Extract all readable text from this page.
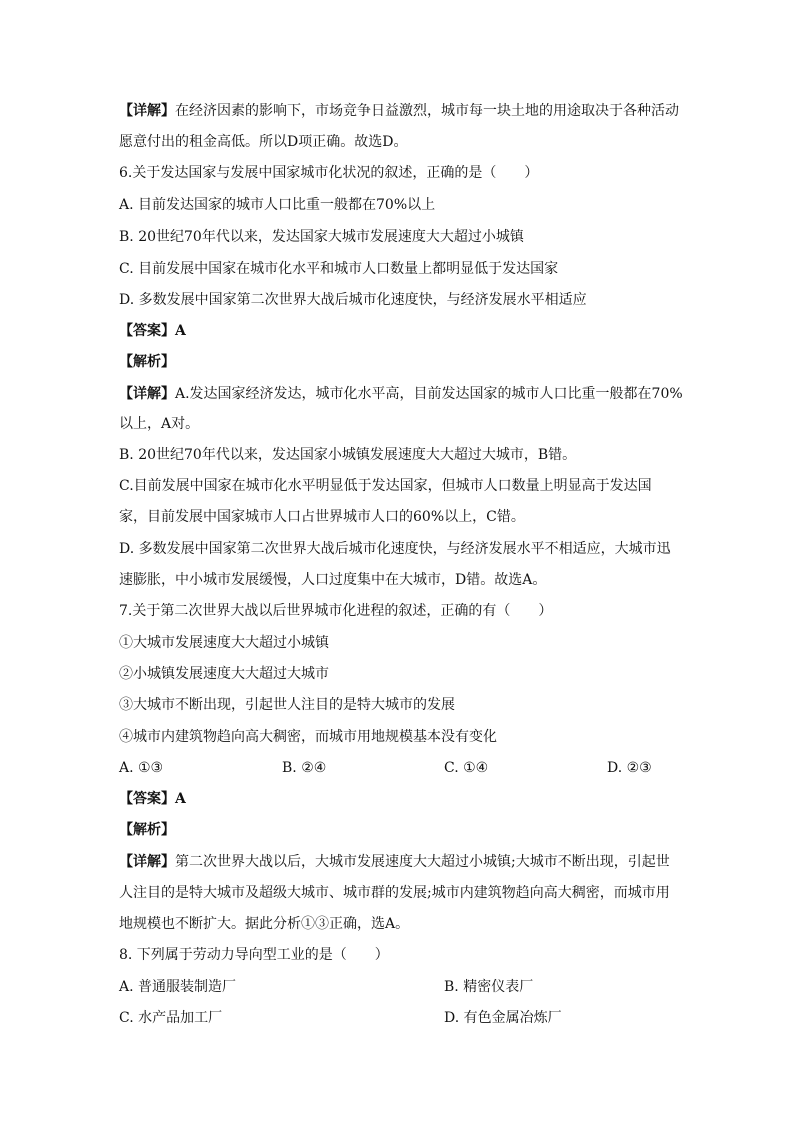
【详解】在经济因素的影响下，市场竞争日益激烈，城市每一块土地的用途取决于各种活动
愿意付出的租金高低。所以D项正确。故选D。
6.关于发达国家与发展中国家城市化状况的叙述，正确的是（　　）
A. 目前发达国家的城市人口比重一般都在70%以上
B. 20世纪70年代以来，发达国家大城市发展速度大大超过小城镇
C. 目前发展中国家在城市化水平和城市人口数量上都明显低于发达国家
D. 多数发展中国家第二次世界大战后城市化速度快，与经济发展水平相适应
【答案】A
【解析】
【详解】A.发达国家经济发达，城市化水平高，目前发达国家的城市人口比重一般都在70%
以上，A对。
B. 20世纪70年代以来，发达国家小城镇发展速度大大超过大城市，B错。
C.目前发展中国家在城市化水平明显低于发达国家，但城市人口数量上明显高于发达国
家，目前发展中国家城市人口占世界城市人口的60%以上，C错。
D. 多数发展中国家第二次世界大战后城市化速度快，与经济发展水平不相适应，大城市迅
速膨胀，中小城市发展缓慢，人口过度集中在大城市，D错。故选A。
7.关于第二次世界大战以后世界城市化进程的叙述，正确的有（　　）
①大城市发展速度大大超过小城镇
②小城镇发展速度大大超过大城市
③大城市不断出现，引起世人注目的是特大城市的发展
④城市内建筑物趋向高大稠密，而城市用地规模基本没有变化
A. ①③	B. ②④	C. ①④	D. ②③
【答案】A
【解析】
【详解】第二次世界大战以后，大城市发展速度大大超过小城镇;大城市不断出现，引起世
人注目的是特大城市及超级大城市、城市群的发展;城市内建筑物趋向高大稠密，而城市用
地规模也不断扩大。据此分析①③正确，选A。
8. 下列属于劳动力导向型工业的是（　　）
A. 普通服装制造厂	B. 精密仪表厂
C. 水产品加工厂	D. 有色金属冶炼厂
